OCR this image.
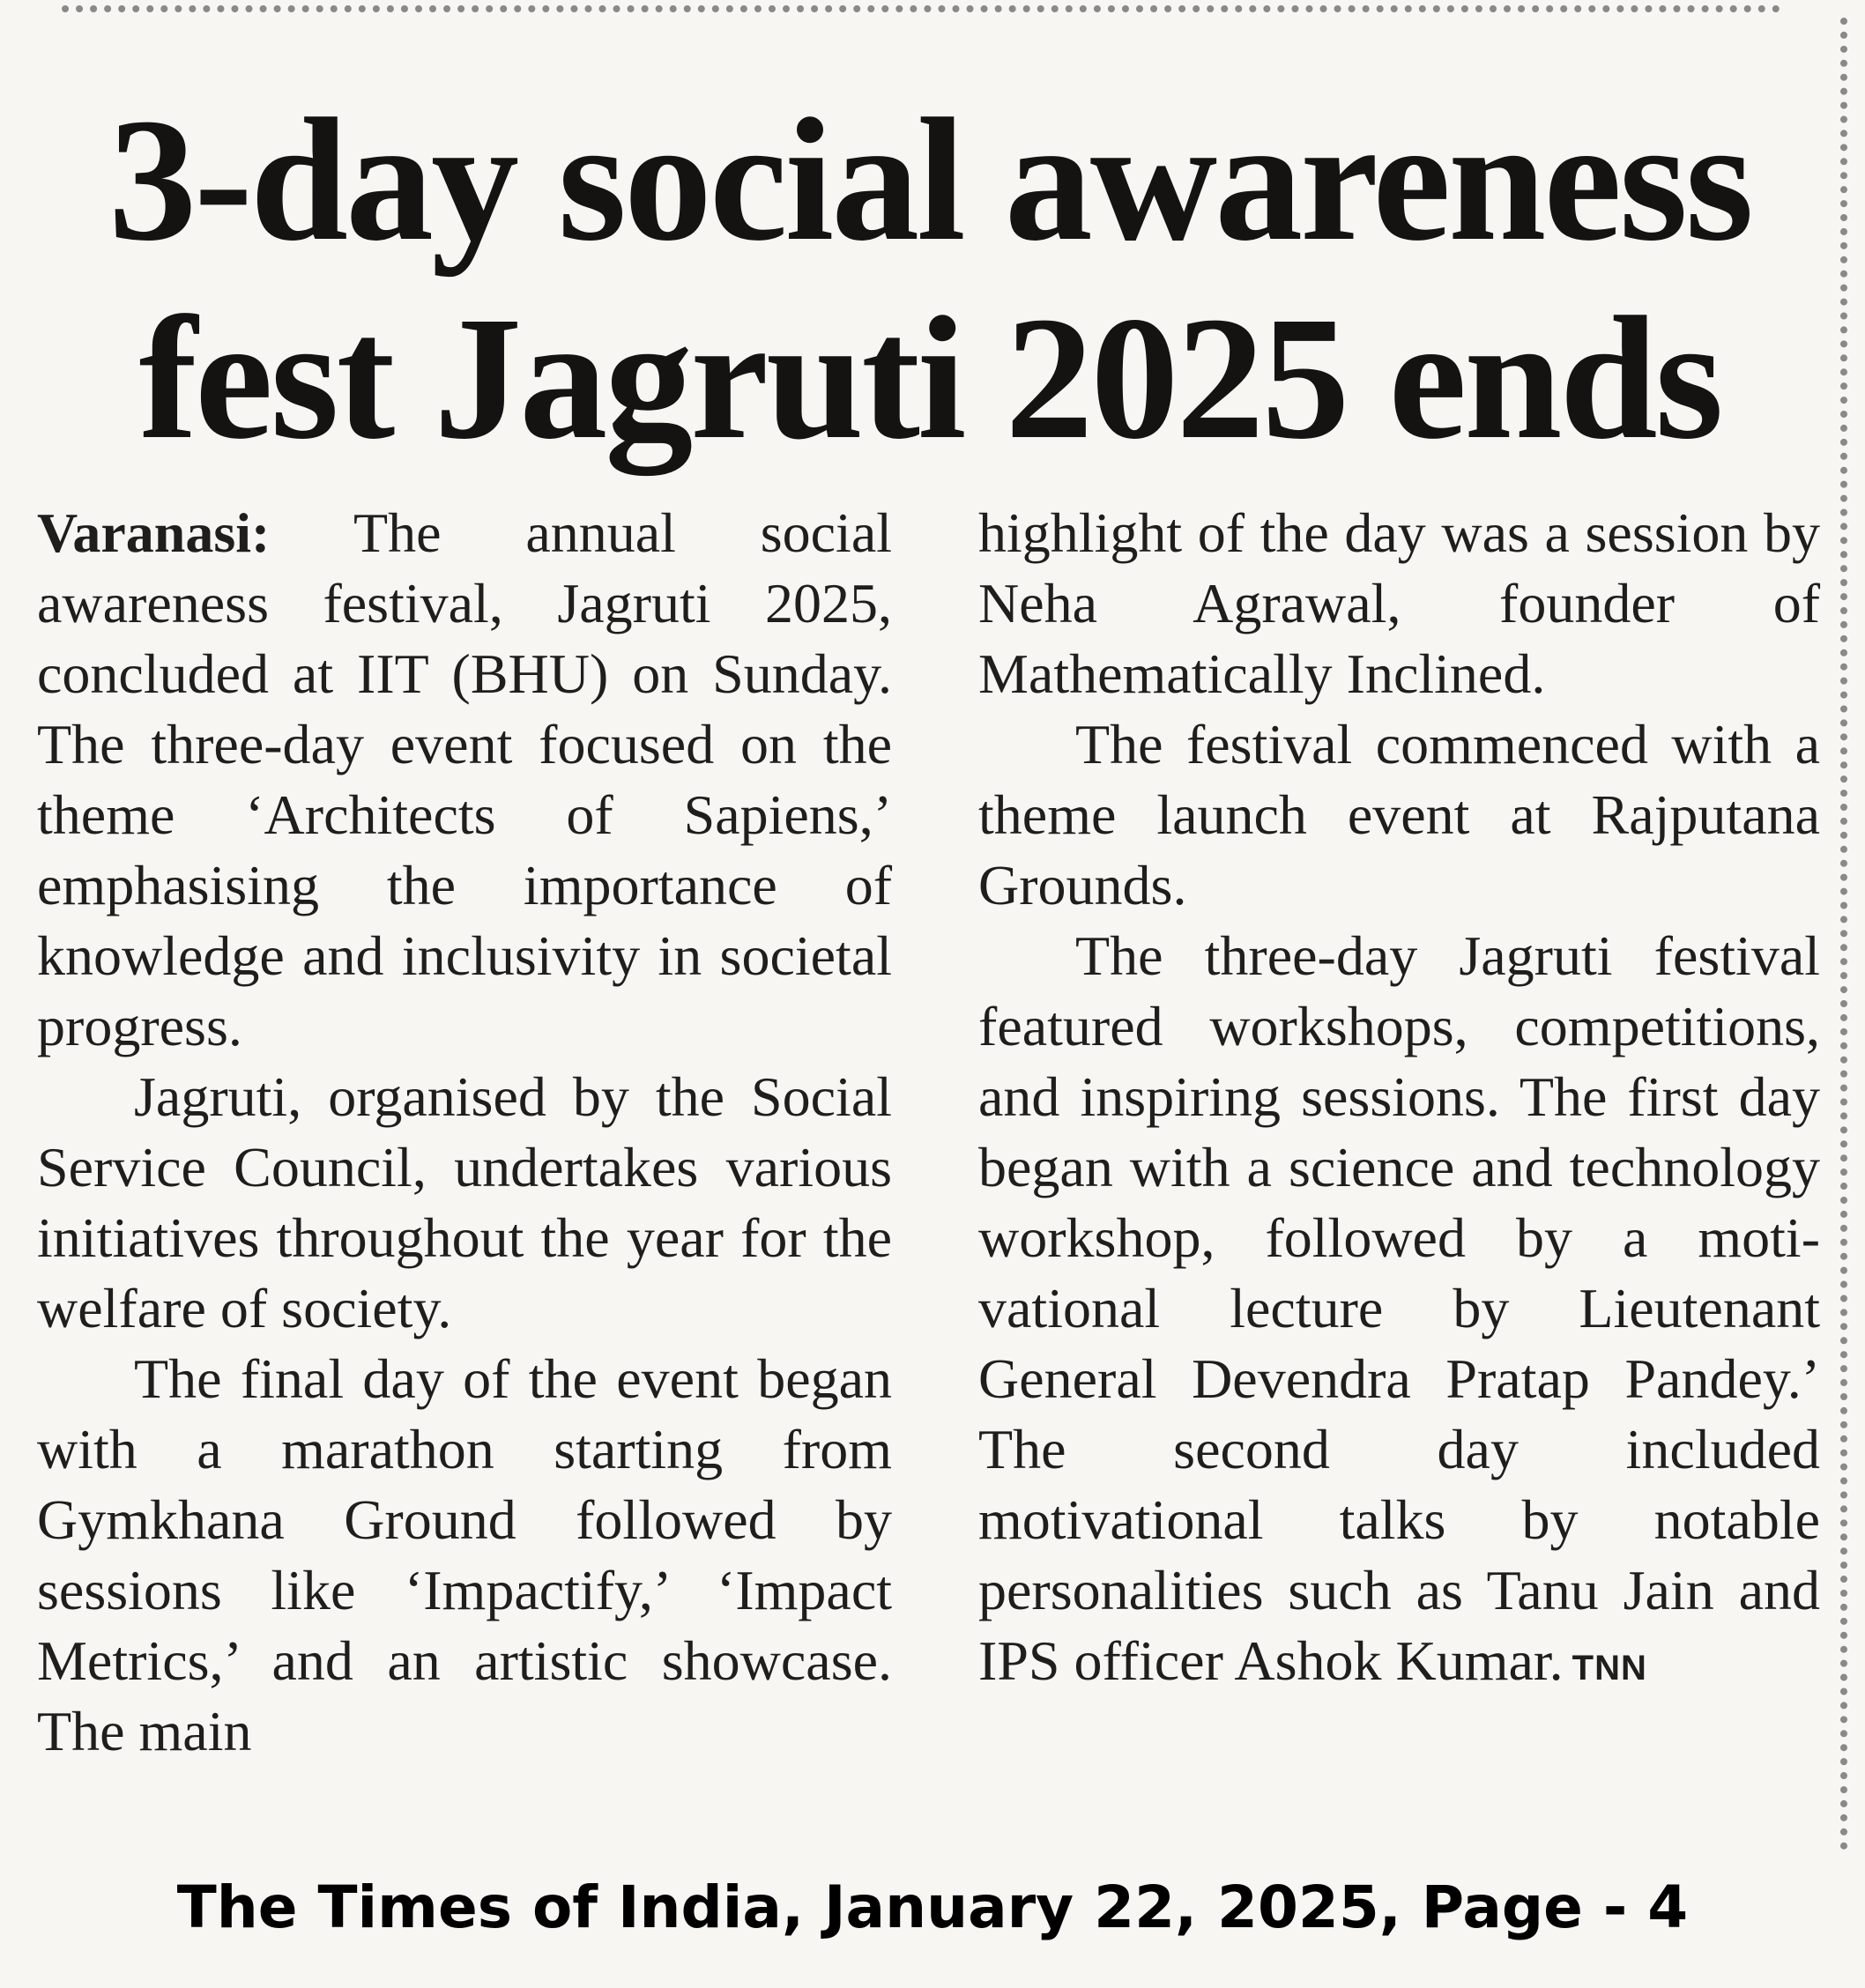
3-day social awareness
fest Jagruti 2025 ends

Varanasi: The annual social awareness festival, Jagruti 2025, concluded at IIT (BHU) on Sunday. The three-day event focused on the theme ‘Architects of Sapiens,’ emphasising the importance of knowledge and inclusivity in societal progress.

Jagruti, organised by the Social Service Council, undertakes various initiatives throughout the year for the welfare of society.

The final day of the event began with a marathon starting from Gymkhana Ground followed by sessions like ‘Impactify,’ ‘Impact Metrics,’ and an artistic showcase. The main

highlight of the day was a session by Neha Agrawal, founder of Mathematically Inclined.

The festival commenced with a theme launch event at Rajputana Grounds.

The three-day Jagruti festival featured workshops, competitions, and inspiring sessions. The first day began with a science and technology workshop, followed by a motivational lecture by Lieutenant General Devendra Pratap Pandey.’ The second day included motivational talks by notable personalities such as Tanu Jain and IPS officer Ashok Kumar. TNN

The Times of India, January 22, 2025, Page - 4
